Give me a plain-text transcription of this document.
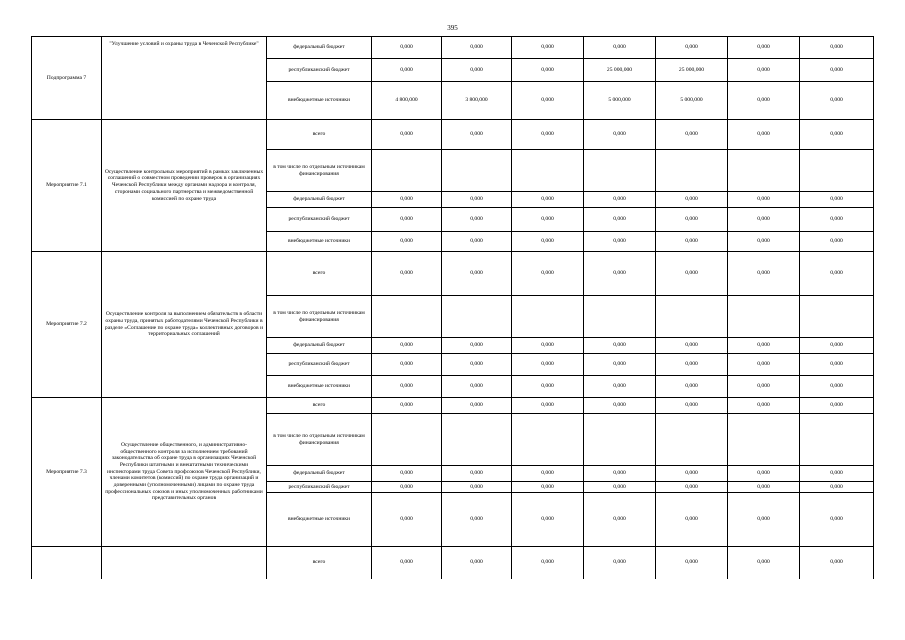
395
Подпрограмма 7	"Улучшение условий и охраны труда в Чеченской Республике"	федеральный бюджет	0,000	0,000	0,000	0,000	0,000	0,000	0,000
		республиканский бюджет	0,000	0,000	0,000	25 000,000	25 000,000	0,000	0,000
		внебюджетные источники	4 800,000	3 800,000	0,000	5 000,000	5 000,000	0,000	0,000
Мероприятие 7.1	Осуществление контрольных мероприятий в рамках заключенных соглашений о совместном проведении проверок в организациях Чеченской Республики между органами надзора и контроля, сторонами социального партнерства и межведомственной комиссией по охране труда	всего	0,000	0,000	0,000	0,000	0,000	0,000	0,000
		в том числе по отдельным источникам финансирования							
		федеральный бюджет	0,000	0,000	0,000	0,000	0,000	0,000	0,000
		республиканский бюджет	0,000	0,000	0,000	0,000	0,000	0,000	0,000
		внебюджетные источники	0,000	0,000	0,000	0,000	0,000	0,000	0,000
Мероприятие 7.2	Осуществление контроля за выполнением обязательств в области охраны труда, принятых работодателями Чеченской Республики в разделе «Соглашение по охране труда» коллективных договоров и территориальных соглашений	всего	0,000	0,000	0,000	0,000	0,000	0,000	0,000
		в том числе по отдельным источникам финансирования							
		федеральный бюджет	0,000	0,000	0,000	0,000	0,000	0,000	0,000
		республиканский бюджет	0,000	0,000	0,000	0,000	0,000	0,000	0,000
		внебюджетные источники	0,000	0,000	0,000	0,000	0,000	0,000	0,000
Мероприятие 7.3	Осуществление общественного, и административно-общественного контроля за исполнением требований законодательства об охране труда в организациях Чеченской Республики штатными и внештатными техническими инспекторами труда Совета профсоюзов Чеченской Республики, членами комитетов (комиссий) по охране труда организаций и доверенными (уполномоченными) лицами по охране труда профессиональных союзов и иных уполномоченных работниками представительных органов	всего	0,000	0,000	0,000	0,000	0,000	0,000	0,000
		в том числе по отдельным источникам финансирования							
		федеральный бюджет	0,000	0,000	0,000	0,000	0,000	0,000	0,000
		республиканский бюджет	0,000	0,000	0,000	0,000	0,000	0,000	0,000
		внебюджетные источники	0,000	0,000	0,000	0,000	0,000	0,000	0,000
		всего	0,000	0,000	0,000	0,000	0,000	0,000	0,000
